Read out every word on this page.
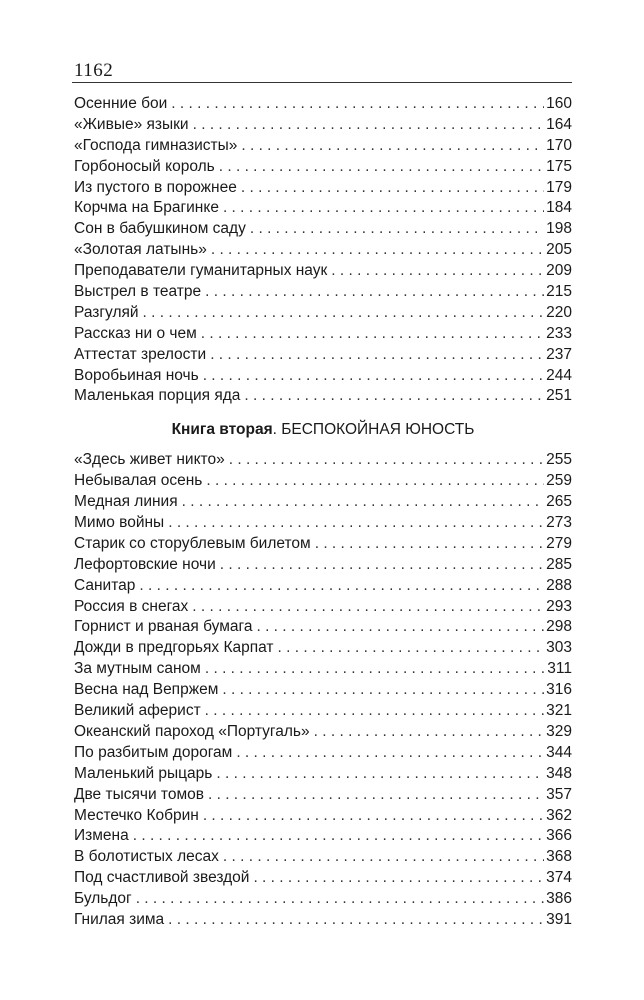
1162
Осенние бои . . .	160
«Живые» языки . . .	164
«Господа гимназисты» . . .	170
Горбоносый король . . .	175
Из пустого в порожнее . . .	179
Корчма на Брагинке . . .	184
Сон в бабушкином саду . . .	198
«Золотая латынь» . . .	205
Преподаватели гуманитарных наук . . .	209
Выстрел в театре . . .	215
Разгуляй . . .	220
Рассказ ни о чем . . .	233
Аттестат зрелости . . .	237
Воробьиная ночь . . .	244
Маленькая порция яда . . .	251
Книга вторая. БЕСПОКОЙНАЯ ЮНОСТЬ
«Здесь живет никто» . . .	255
Небывалая осень . . .	259
Медная линия . . .	265
Мимо войны . . .	273
Старик со сторублевым билетом . . .	279
Лефортовские ночи . . .	285
Санитар . . .	288
Россия в снегах . . .	293
Горнист и рваная бумага . . .	298
Дожди в предгорьях Карпат . . .	303
За мутным саном . . .	311
Весна над Вепржем . . .	316
Великий аферист . . .	321
Океанский пароход «Португаль» . . .	329
По разбитым дорогам . . .	344
Маленький рыцарь . . .	348
Две тысячи томов . . .	357
Местечко Кобрин . . .	362
Измена . . .	366
В болотистых лесах . . .	368
Под счастливой звездой . . .	374
Бульдог . . .	386
Гнилая зима . . .	391
